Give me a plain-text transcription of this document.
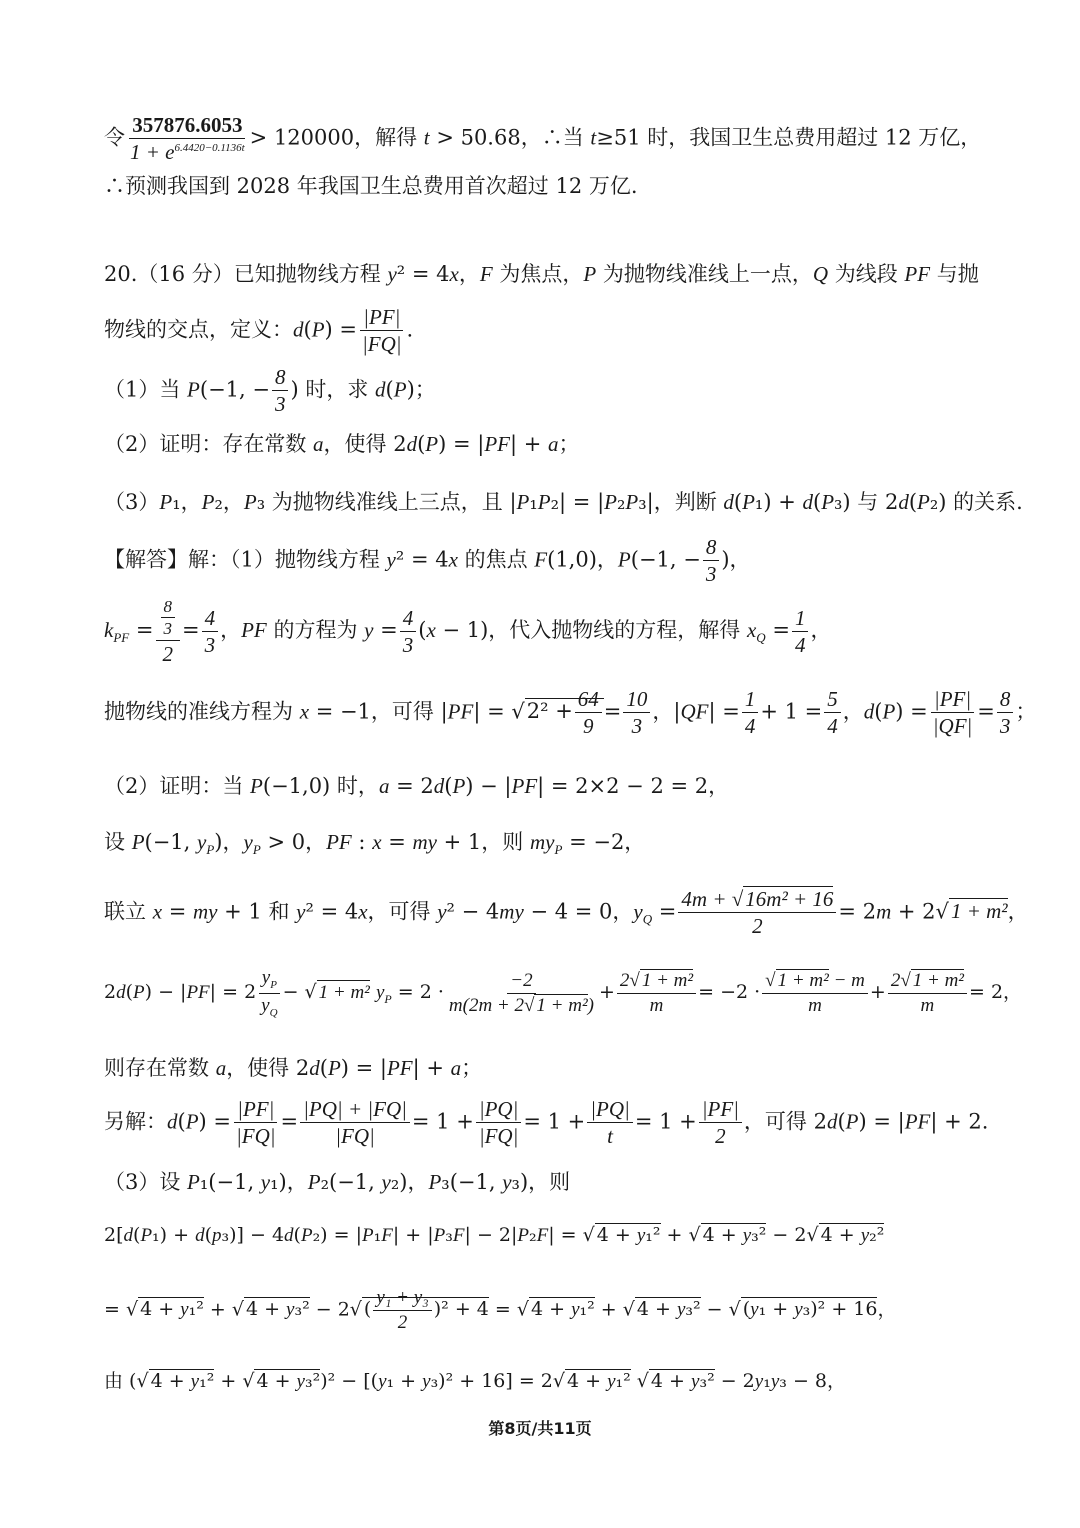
令 $\frac{357876.6053}{1 + e^{6.4420-0.1136t}} > 120000$，解得 t > 50.68，∴当 t≥51 时，我国卫生总费用超过 12 万亿，
∴预测我国到 2028 年我国卫生总费用首次超过 12 万亿.
20.（16 分）已知抛物线方程 y² = 4x，F 为焦点，P 为抛物线准线上一点，Q 为线段 PF 与抛
物线的交点，定义：$d(P) = \frac{|PF|}{|FQ|}$ .
（1）当 P(−1, − $\frac{8}{3}$ ) 时，求 d(P)；
（2）证明：存在常数 a，使得 2d(P) = |PF| + a；
（3）P₁，P₂，P₃ 为抛物线准线上三点，且 |P₁P₂| = |P₂P₃|，判断 d(P₁) + d(P₃) 与 2d(P₂) 的关系.
【解答】解：（1）抛物线方程 y² = 4x 的焦点 F(1,0)，P(−1, − $\frac{8}{3}$ )，
$k_{PF} = \frac{\frac{8}{3}}{2} = \frac{4}{3}$ ，PF 的方程为 $y = \frac{4}{3} (x - 1)$，代入抛物线的方程，解得 $x_Q = \frac{1}{4}$ ，
抛物线的准线方程为 x = −1，可得 $|PF| = √2^2 + \frac{64}{9} = \frac{10}{3}$ ，$|QF| = \frac{1}{4} + 1 = \frac{5}{4}$ ，$d(P) = \frac{|PF|}{|QF|} = \frac{8}{3}$ ；
（2）证明：当 P(−1,0) 时，a = 2d(P) − |PF| = 2×2 − 2 = 2，
设 P(−1, $y_P$)，$y_P > 0$，PF : x = my + 1，则 $my_P = -2$，
联立 x = my + 1 和 y² = 4x，可得 y² − 4my − 4 = 0，$y_Q = \frac{\text{4m + √16m² + 16}}{2} = 2m + 2√1 + m^2$，
$2d(P) - |PF| = 2 \frac{y_P}{y_Q}$ − √ 1 + m² $y_P = 2 \cdot \frac{-2}{\text{m(2m + 2√ 1 + m²)}} + \frac{\text{2√ 1 + m²}}{m} = -2 \cdot \frac{\text{√ 1 + m² − m}}{m} + \frac{\text{2√ 1 + m²}}{m} = 2$，
则存在常数 a，使得 2d(P) = |PF| + a；
另解：$d(P) = \frac{|PF|}{|FQ|} = \frac{|PQ| + |FQ|}{|FQ|} = 1 + \frac{|PQ|}{|FQ|} = 1 + \frac{|PQ|}{t} = 1 + \frac{|PF|}{2}$ ，可得 2d(P) = |PF| + 2.
（3）设 P₁(−1, y₁)，P₂(−1, y₂)，P₃(−1, y₃)，则
2[d(P₁) + d(p₃)] − 4d(P₂) = |P₁F| + |P₃F| − 2|P₂F| = √ 4 + y₁² + √ 4 + y₃² − 2√ 4 + y₂²
= √ 4 + y₁² + √ 4 + y₃² − 2√ ( $\frac{\text{y₁ + y₃}}{2} )^2 + 4$ = √ 4 + y₁² + √ 4 + y₃² − √ (y₁ + y₃)² + 16，
由 (√ 4 + y₁² + √ 4 + y₃²)² − [(y₁ + y₃)² + 16] = 2√ 4 + y₁² √ 4 + y₃² − 2y₁y₃ − 8，
第8页/共11页
